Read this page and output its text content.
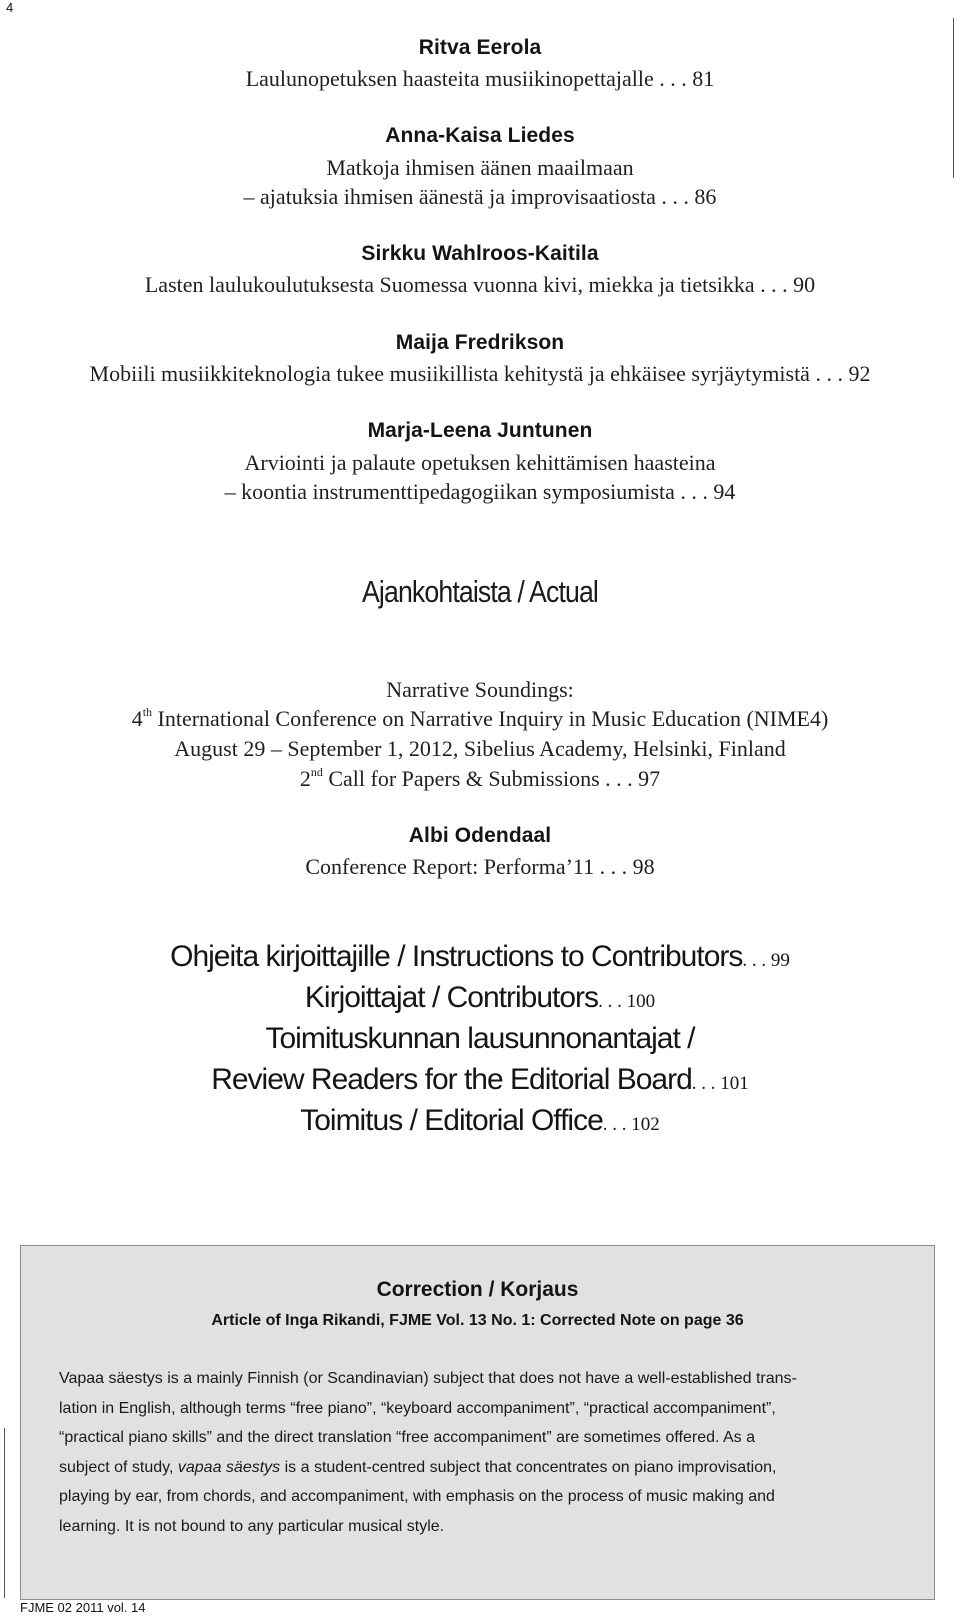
4
Ritva Eerola
Laulunopetuksen haasteita musiikinopettajalle . . . 81
Anna-Kaisa Liedes
Matkoja ihmisen äänen maailmaan
– ajatuksia ihmisen äänestä ja improvisaatiosta . . . 86
Sirkku Wahlroos-Kaitila
Lasten laulukoulutuksesta Suomessa vuonna kivi, miekka ja tietsikka . . . 90
Maija Fredrikson
Mobiili musiikkiteknologia tukee musiikillista kehitystä ja ehkäisee syrjäytymistä . . . 92
Marja-Leena Juntunen
Arviointi ja palaute opetuksen kehittämisen haasteina
– koontia instrumenttipedagogiikan symposiumista . . . 94
Ajankohtaista / Actual
Narrative Soundings:
4th International Conference on Narrative Inquiry in Music Education (NIME4)
August 29 – September 1, 2012, Sibelius Academy, Helsinki, Finland
2nd Call for Papers & Submissions . . . 97
Albi Odendaal
Conference Report: Performa’11 . . . 98
Ohjeita kirjoittajille / Instructions to Contributors. . . 99
Kirjoittajat / Contributors. . . 100
Toimituskunnan lausunnonantajat /
Review Readers for the Editorial Board. . . 101
Toimitus / Editorial Office. . . 102
Correction / Korjaus
Article of Inga Rikandi, FJME Vol. 13 No. 1: Corrected Note on page 36
Vapaa säestys is a mainly Finnish (or Scandinavian) subject that does not have a well-established trans-
lation in English, although terms “free piano”, “keyboard accompaniment”, “practical accompaniment”,
“practical piano skills” and the direct translation “free accompaniment” are sometimes offered. As a
subject of study, vapaa säestys is a student-centred subject that concentrates on piano improvisation,
playing by ear, from chords, and accompaniment, with emphasis on the process of music making and
learning. It is not bound to any particular musical style.
FJME 02 2011 vol. 14
